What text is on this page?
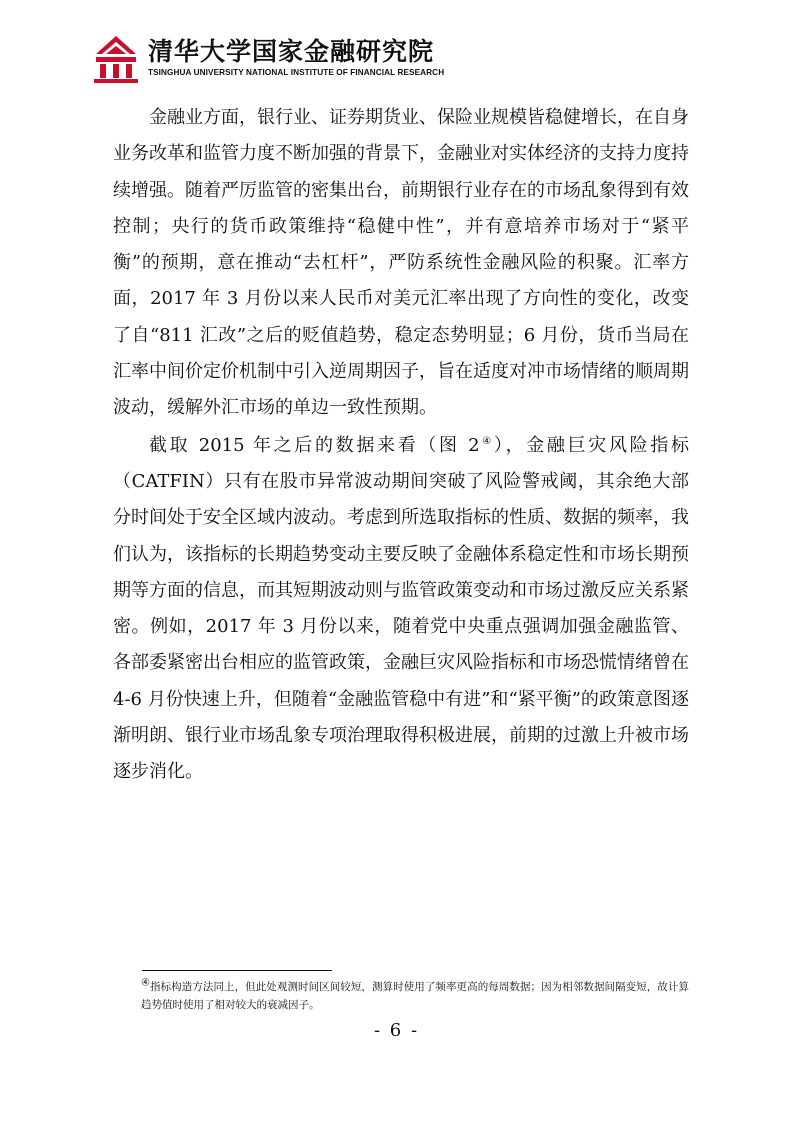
清华大学国家金融研究院
TSINGHUA UNIVERSITY NATIONAL INSTITUTE OF FINANCIAL RESEARCH

金融业方面，银行业、证券期货业、保险业规模皆稳健增长，在自身业务改革和监管力度不断加强的背景下，金融业对实体经济的支持力度持续增强。随着严厉监管的密集出台，前期银行业存在的市场乱象得到有效控制；央行的货币政策维持“稳健中性”，并有意培养市场对于“紧平衡”的预期，意在推动“去杠杆”，严防系统性金融风险的积聚。汇率方面，2017 年 3 月份以来人民币对美元汇率出现了方向性的变化，改变了自“811 汇改”之后的贬值趋势，稳定态势明显；6 月份，货币当局在汇率中间价定价机制中引入逆周期因子，旨在适度对冲市场情绪的顺周期波动，缓解外汇市场的单边一致性预期。

截取 2015 年之后的数据来看（图 2④），金融巨灾风险指标（CATFIN）只有在股市异常波动期间突破了风险警戒阈，其余绝大部分时间处于安全区域内波动。考虑到所选取指标的性质、数据的频率，我们认为，该指标的长期趋势变动主要反映了金融体系稳定性和市场长期预期等方面的信息，而其短期波动则与监管政策变动和市场过激反应关系紧密。例如，2017 年 3 月份以来，随着党中央重点强调加强金融监管、各部委紧密出台相应的监管政策，金融巨灾风险指标和市场恐慌情绪曾在 4-6 月份快速上升，但随着“金融监管稳中有进”和“紧平衡”的政策意图逐渐明朗、银行业市场乱象专项治理取得积极进展，前期的过激上升被市场逐步消化。

④指标构造方法同上，但此处观测时间区间较短，测算时使用了频率更高的每周数据；因为相邻数据间隔变短，故计算趋势值时使用了相对较大的衰减因子。
- 6 -
